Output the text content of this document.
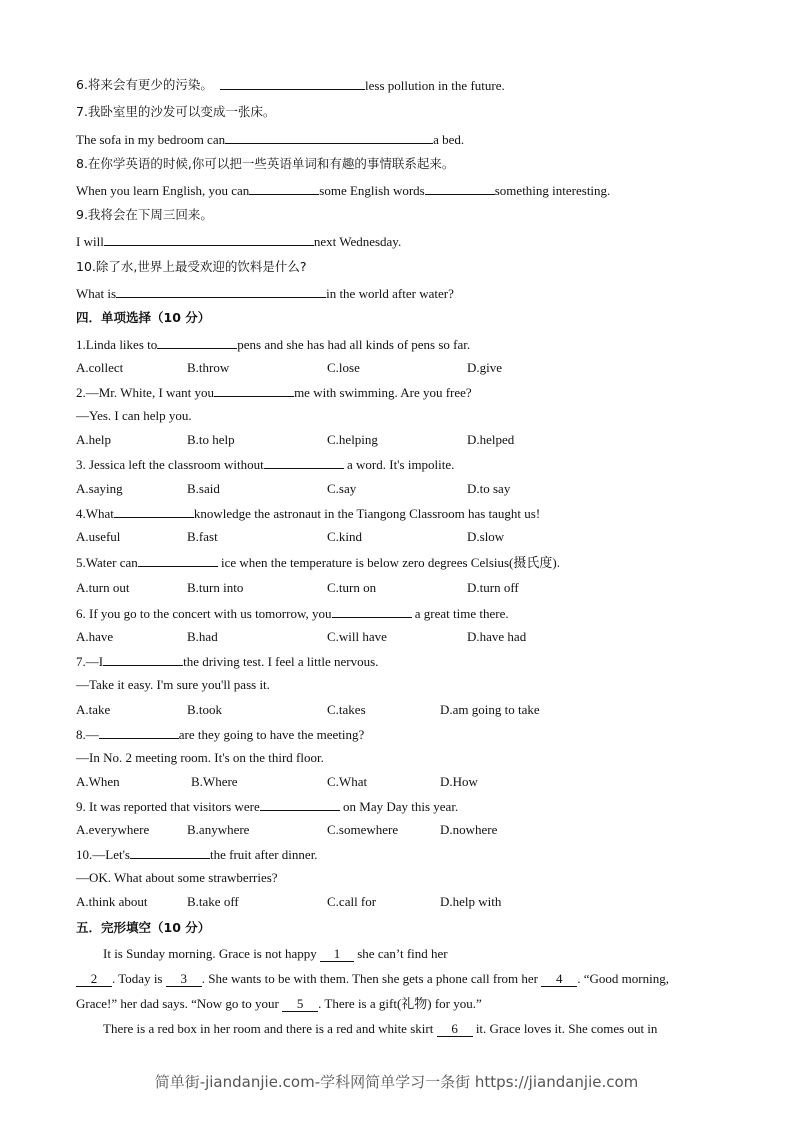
6.将来会有更少的污染。	less pollution in the future.
7.我卧室里的沙发可以变成一张床。
The sofa in my bedroom can	a bed.
8.在你学英语的时候,你可以把一些英语单词和有趣的事情联系起来。
When you learn English, you can	some English words	something interesting.
9.我将会在下周三回来。
I will	next Wednesday.
10.除了水,世界上最受欢迎的饮料是什么?
What is	in the world after water?
四．单项选择（10 分）
1.Linda likes to	pens and she has had all kinds of pens so far.
A.collect	B.throw	C.lose	D.give
2.—Mr. White, I want you	me with swimming. Are you free?
—Yes. I can help you.
A.help	B.to help	C.helping	D.helped
3. Jessica left the classroom without	a word. It's impolite.
A.saying	B.said	C.say	D.to say
4.What	knowledge the astronaut in the Tiangong Classroom has taught us!
A.useful	B.fast	C.kind	D.slow
5.Water can	ice when the temperature is below zero degrees Celsius(摄氏度).
A.turn out	B.turn into	C.turn on	D.turn off
6. If you go to the concert with us tomorrow, you	a great time there.
A.have	B.had	C.will have	D.have had
7.—I	the driving test. I feel a little nervous.
—Take it easy. I'm sure you'll pass it.
A.take	B.took	C.takes	D.am going to take
8.—	are they going to have the meeting?
—In No. 2 meeting room. It's on the third floor.
A.When	B.Where	C.What	D.How
9. It was reported that visitors were	on May Day this year.
A.everywhere	B.anywhere	C.somewhere	D.nowhere
10.—Let's	the fruit after dinner.
—OK. What about some strawberries?
A.think about	B.take off	C.call for	D.help with
五．完形填空（10 分）
It is Sunday morning. Grace is not happy 1 she can’t find her
2 . Today is 3 . She wants to be with them. Then she gets a phone call from her 4 . “Good morning,
Grace!” her dad says. “Now go to your 5 . There is a gift(礼物) for you.”
There is a red box in her room and there is a red and white skirt 6 it. Grace loves it. She comes out in
简单街-jiandanjie.com-学科网简单学习一条街 https://jiandanjie.com
